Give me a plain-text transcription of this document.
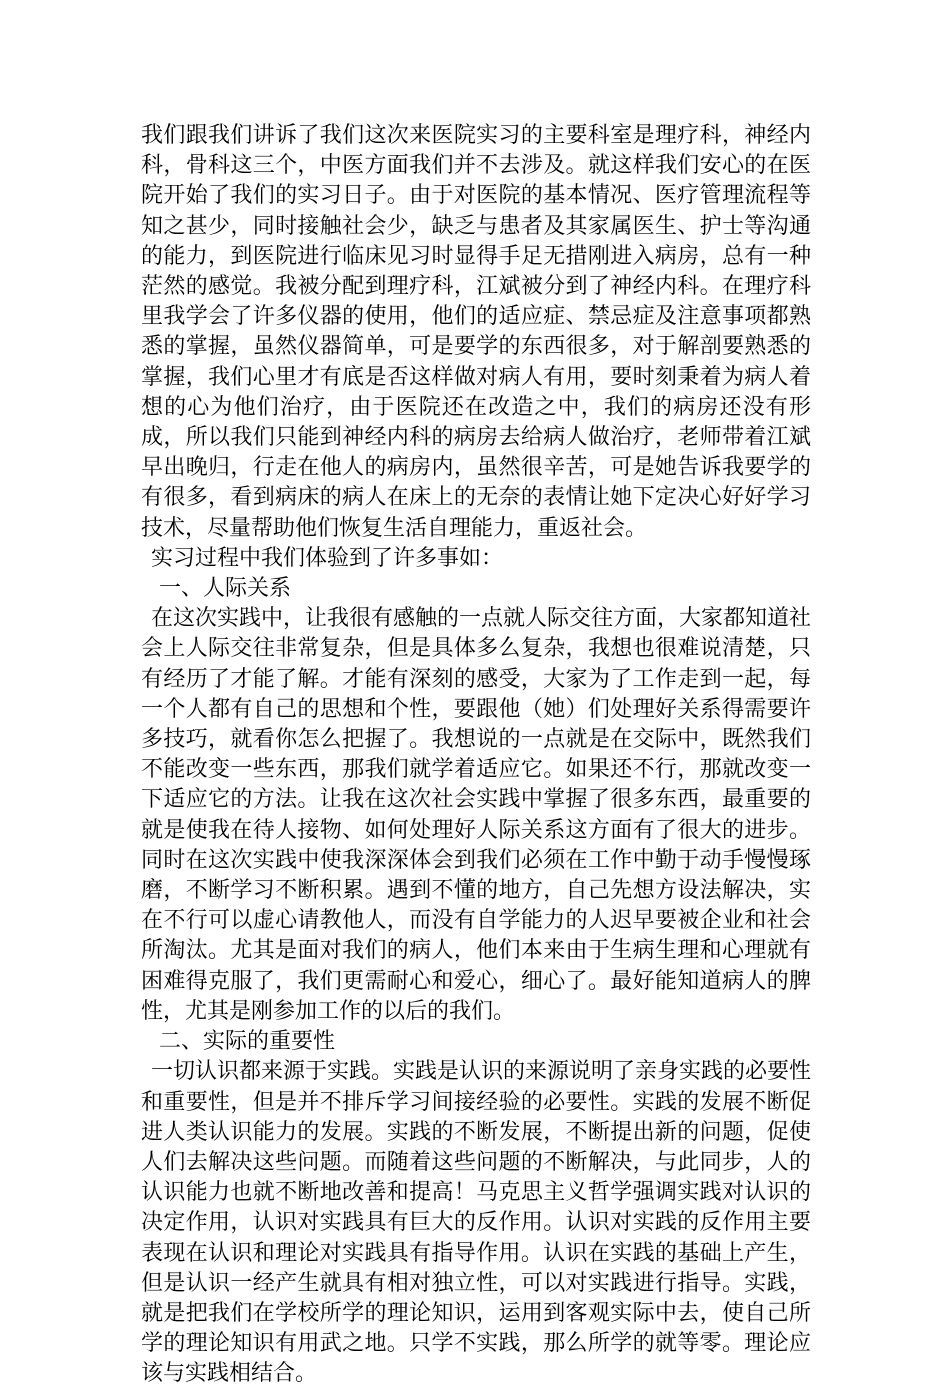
我们跟我们讲诉了我们这次来医院实习的主要科室是理疗科，神经内科，骨科这三个，中医方面我们并不去涉及。就这样我们安心的在医院开始了我们的实习日子。由于对医院的基本情况、医疗管理流程等知之甚少，同时接触社会少，缺乏与患者及其家属医生、护士等沟通的能力，到医院进行临床见习时显得手足无措刚进入病房，总有一种茫然的感觉。我被分配到理疗科，江斌被分到了神经内科。在理疗科里我学会了许多仪器的使用，他们的适应症、禁忌症及注意事项都熟悉的掌握，虽然仪器简单，可是要学的东西很多，对于解剖要熟悉的掌握，我们心里才有底是否这样做对病人有用，要时刻秉着为病人着想的心为他们治疗，由于医院还在改造之中，我们的病房还没有形成，所以我们只能到神经内科的病房去给病人做治疗，老师带着江斌早出晚归，行走在他人的病房内，虽然很辛苦，可是她告诉我要学的有很多，看到病床的病人在床上的无奈的表情让她下定决心好好学习技术，尽量帮助他们恢复生活自理能力，重返社会。

实习过程中我们体验到了许多事如：

一、人际关系

在这次实践中，让我很有感触的一点就人际交往方面，大家都知道社会上人际交往非常复杂，但是具体多么复杂，我想也很难说清楚，只有经历了才能了解。才能有深刻的感受，大家为了工作走到一起，每一个人都有自己的思想和个性，要跟他（她）们处理好关系得需要许多技巧，就看你怎么把握了。我想说的一点就是在交际中，既然我们不能改变一些东西，那我们就学着适应它。如果还不行，那就改变一下适应它的方法。让我在这次社会实践中掌握了很多东西，最重要的就是使我在待人接物、如何处理好人际关系这方面有了很大的进步。同时在这次实践中使我深深体会到我们必须在工作中勤于动手慢慢琢磨，不断学习不断积累。遇到不懂的地方，自己先想方设法解决，实在不行可以虚心请教他人，而没有自学能力的人迟早要被企业和社会所淘汰。尤其是面对我们的病人，他们本来由于生病生理和心理就有困难得克服了，我们更需耐心和爱心，细心了。最好能知道病人的脾性，尤其是刚参加工作的以后的我们。

二、实际的重要性

一切认识都来源于实践。实践是认识的来源说明了亲身实践的必要性和重要性，但是并不排斥学习间接经验的必要性。实践的发展不断促进人类认识能力的发展。实践的不断发展，不断提出新的问题，促使人们去解决这些问题。而随着这些问题的不断解决，与此同步，人的认识能力也就不断地改善和提高！马克思主义哲学强调实践对认识的决定作用，认识对实践具有巨大的反作用。认识对实践的反作用主要表现在认识和理论对实践具有指导作用。认识在实践的基础上产生，但是认识一经产生就具有相对独立性，可以对实践进行指导。实践，就是把我们在学校所学的理论知识，运用到客观实际中去，使自己所学的理论知识有用武之地。只学不实践，那么所学的就等零。理论应该与实践相结合。
